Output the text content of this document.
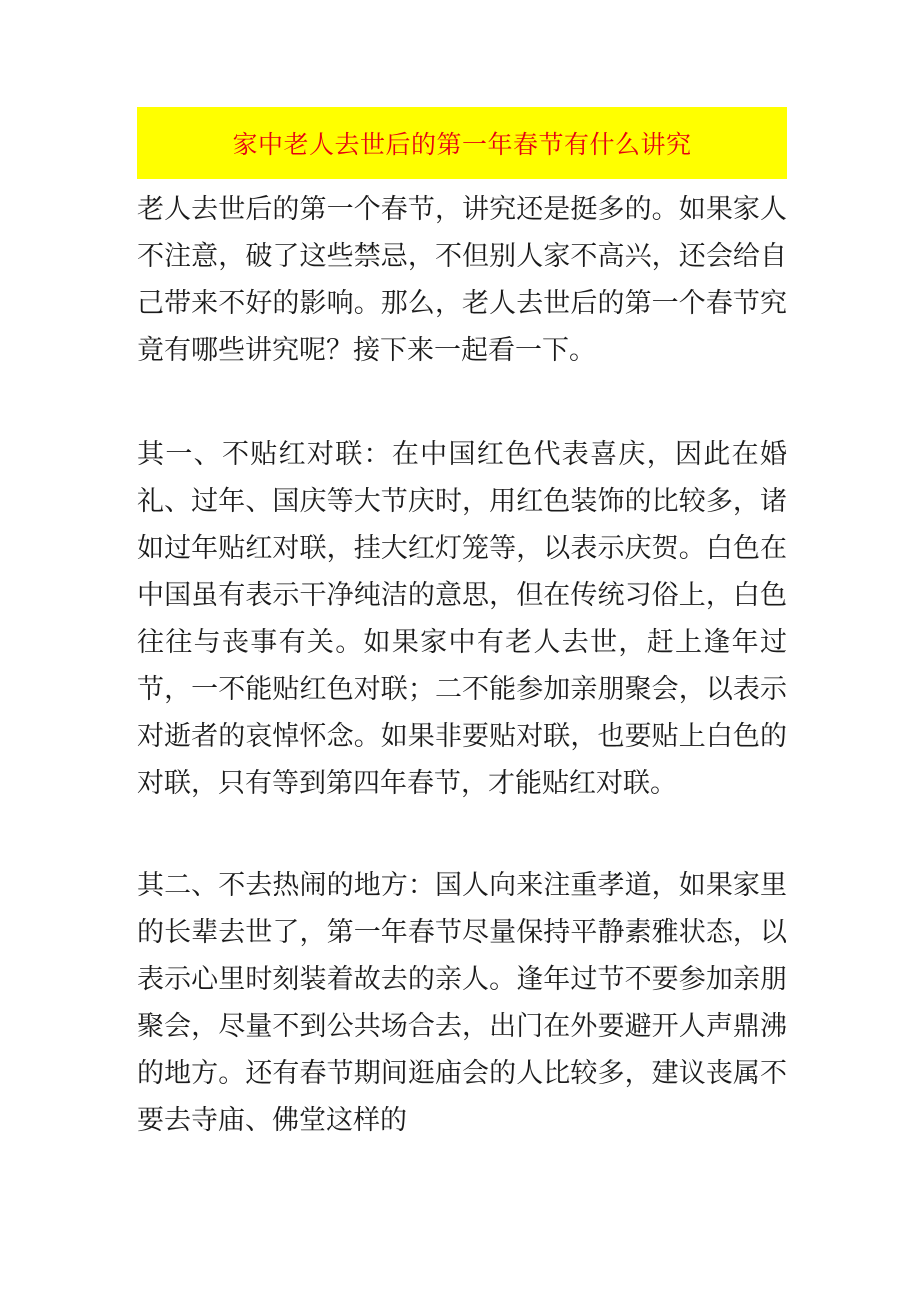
家中老人去世后的第一年春节有什么讲究

老人去世后的第一个春节，讲究还是挺多的。如果家人不注意，破了这些禁忌，不但别人家不高兴，还会给自己带来不好的影响。那么，老人去世后的第一个春节究竟有哪些讲究呢？接下来一起看一下。

其一、不贴红对联：在中国红色代表喜庆，因此在婚礼、过年、国庆等大节庆时，用红色装饰的比较多，诸如过年贴红对联，挂大红灯笼等，以表示庆贺。白色在中国虽有表示干净纯洁的意思，但在传统习俗上，白色往往与丧事有关。如果家中有老人去世，赶上逢年过节，一不能贴红色对联；二不能参加亲朋聚会，以表示对逝者的哀悼怀念。如果非要贴对联，也要贴上白色的对联，只有等到第四年春节，才能贴红对联。

其二、不去热闹的地方：国人向来注重孝道，如果家里的长辈去世了，第一年春节尽量保持平静素雅状态，以表示心里时刻装着故去的亲人。逢年过节不要参加亲朋聚会，尽量不到公共场合去，出门在外要避开人声鼎沸的地方。还有春节期间逛庙会的人比较多，建议丧属不要去寺庙、佛堂这样的
